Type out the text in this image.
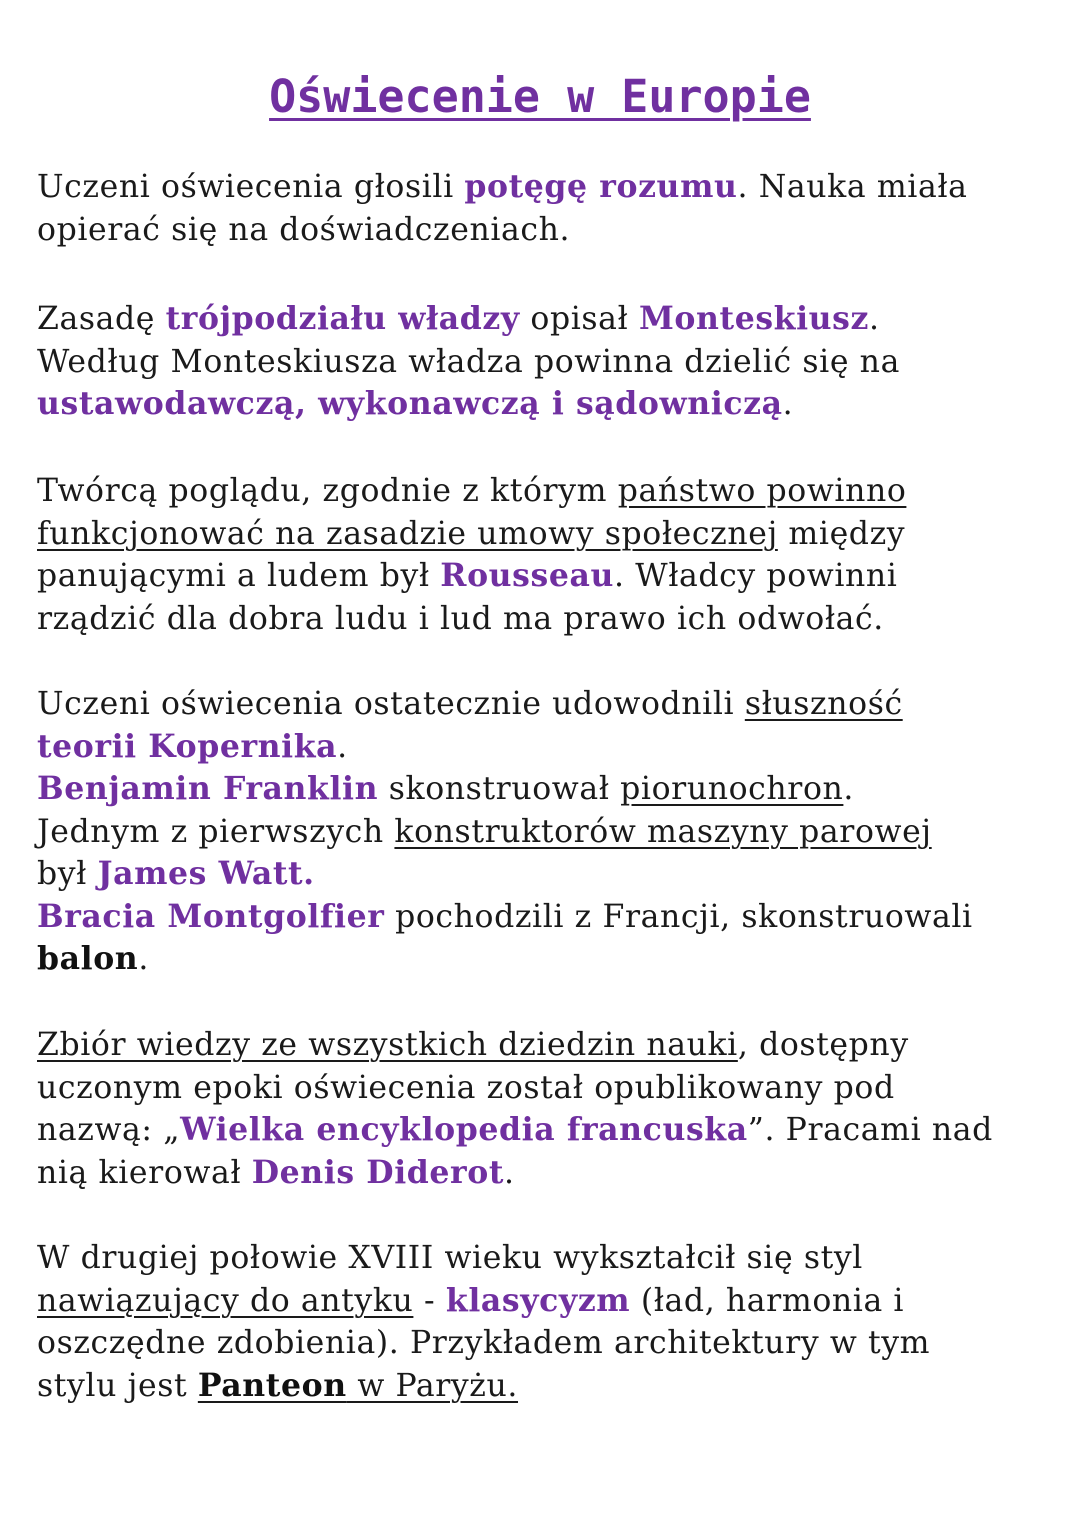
Oświecenie w Europie

Uczeni oświecenia głosili potęgę rozumu. Nauka miała
opierać się na doświadczeniach.

Zasadę trójpodziału władzy opisał Monteskiusz.
Według Monteskiusza władza powinna dzielić się na
ustawodawczą, wykonawczą i sądowniczą.

Twórcą poglądu, zgodnie z którym państwo powinno
funkcjonować na zasadzie umowy społecznej między
panującymi a ludem był Rousseau. Władcy powinni
rządzić dla dobra ludu i lud ma prawo ich odwołać.

Uczeni oświecenia ostatecznie udowodnili słuszność
teorii Kopernika.
Benjamin Franklin skonstruował piorunochron.
Jednym z pierwszych konstruktorów maszyny parowej
był James Watt.
Bracia Montgolfier pochodzili z Francji, skonstruowali
balon.

Zbiór wiedzy ze wszystkich dziedzin nauki, dostępny
uczonym epoki oświecenia został opublikowany pod
nazwą: „Wielka encyklopedia francuska”. Pracami nad
nią kierował Denis Diderot.

W drugiej połowie XVIII wieku wykształcił się styl
nawiązujący do antyku - klasycyzm (ład, harmonia i
oszczędne zdobienia). Przykładem architektury w tym
stylu jest Panteon w Paryżu.
